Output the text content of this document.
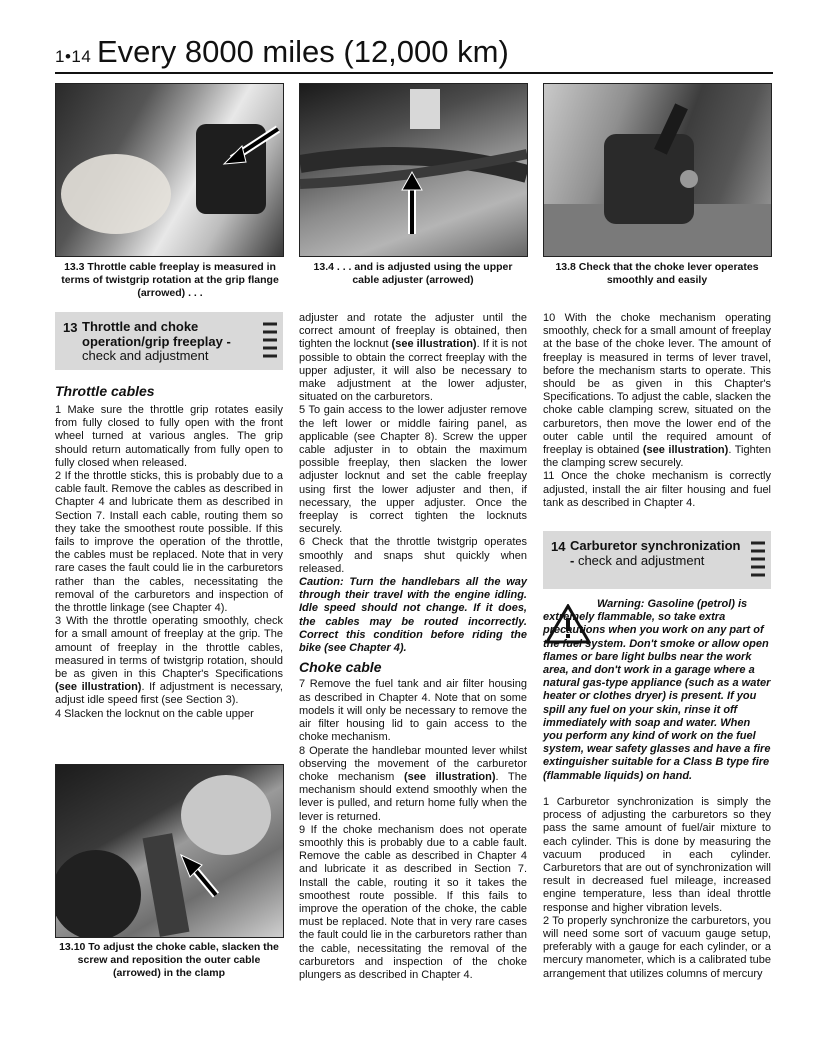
1•14 Every 8000 miles (12,000 km)
13.3 Throttle cable freeplay is measured in terms of twistgrip rotation at the grip flange (arrowed) . . .
13.4 . . . and is adjusted using the upper cable adjuster (arrowed)
13.8 Check that the choke lever operates smoothly and easily
13.10 To adjust the choke cable, slacken the screw and reposition the outer cable (arrowed) in the clamp
13 Throttle and choke operation/grip freeplay - check and adjustment
Throttle cables

1 Make sure the throttle grip rotates easily from fully closed to fully open with the front wheel turned at various angles. The grip should return automatically from fully open to fully closed when released.

2 If the throttle sticks, this is probably due to a cable fault. Remove the cables as described in Chapter 4 and lubricate them as described in Section 7. Install each cable, routing them so they take the smoothest route possible. If this fails to improve the operation of the throttle, the cables must be replaced. Note that in very rare cases the fault could lie in the carburetors rather than the cables, necessitating the removal of the carburetors and inspection of the throttle linkage (see Chapter 4).

3 With the throttle operating smoothly, check for a small amount of freeplay at the grip. The amount of freeplay in the throttle cables, measured in terms of twistgrip rotation, should be as given in this Chapter's Specifications (see illustration). If adjustment is necessary, adjust idle speed first (see Section 3).

4 Slacken the locknut on the cable upper

adjuster and rotate the adjuster until the correct amount of freeplay is obtained, then tighten the locknut (see illustration). If it is not possible to obtain the correct freeplay with the upper adjuster, it will also be necessary to make adjustment at the lower adjuster, situated on the carburetors.

5 To gain access to the lower adjuster remove the left lower or middle fairing panel, as applicable (see Chapter 8). Screw the upper cable adjuster in to obtain the maximum possible freeplay, then slacken the lower adjuster locknut and set the cable freeplay using first the lower adjuster and then, if necessary, the upper adjuster. Once the freeplay is correct tighten the locknuts securely.

6 Check that the throttle twistgrip operates smoothly and snaps shut quickly when released.

Caution: Turn the handlebars all the way through their travel with the engine idling. Idle speed should not change. If it does, the cables may be routed incorrectly. Correct this condition before riding the bike (see Chapter 4).

Choke cable

7 Remove the fuel tank and air filter housing as described in Chapter 4. Note that on some models it will only be necessary to remove the air filter housing lid to gain access to the choke mechanism.

8 Operate the handlebar mounted lever whilst observing the movement of the carburetor choke mechanism (see illustration). The mechanism should extend smoothly when the lever is pulled, and return home fully when the lever is returned.

9 If the choke mechanism does not operate smoothly this is probably due to a cable fault. Remove the cable as described in Chapter 4 and lubricate it as described in Section 7. Install the cable, routing it so it takes the smoothest route possible. If this fails to improve the operation of the choke, the cable must be replaced. Note that in very rare cases the fault could lie in the carburetors rather than the cable, necessitating the removal of the carburetors and inspection of the choke plungers as described in Chapter 4.

10 With the choke mechanism operating smoothly, check for a small amount of freeplay at the base of the choke lever. The amount of freeplay is measured in terms of lever travel, before the mechanism starts to operate. This should be as given in this Chapter's Specifications. To adjust the cable, slacken the choke cable clamping screw, situated on the carburetors, then move the lower end of the outer cable until the required amount of freeplay is obtained (see illustration). Tighten the clamping screw securely.

11 Once the choke mechanism is correctly adjusted, install the air filter housing and fuel tank as described in Chapter 4.

14 Carburetor synchronization - check and adjustment
Warning: Gasoline (petrol) is extremely flammable, so take extra precautions when you work on any part of the fuel system. Don't smoke or allow open flames or bare light bulbs near the work area, and don't work in a garage where a natural gas-type appliance (such as a water heater or clothes dryer) is present. If you spill any fuel on your skin, rinse it off immediately with soap and water. When you perform any kind of work on the fuel system, wear safety glasses and have a fire extinguisher suitable for a Class B type fire (flammable liquids) on hand.

1 Carburetor synchronization is simply the process of adjusting the carburetors so they pass the same amount of fuel/air mixture to each cylinder. This is done by measuring the vacuum produced in each cylinder. Carburetors that are out of synchronization will result in decreased fuel mileage, increased engine temperature, less than ideal throttle response and higher vibration levels.

2 To properly synchronize the carburetors, you will need some sort of vacuum gauge setup, preferably with a gauge for each cylinder, or a mercury manometer, which is a calibrated tube arrangement that utilizes columns of mercury
